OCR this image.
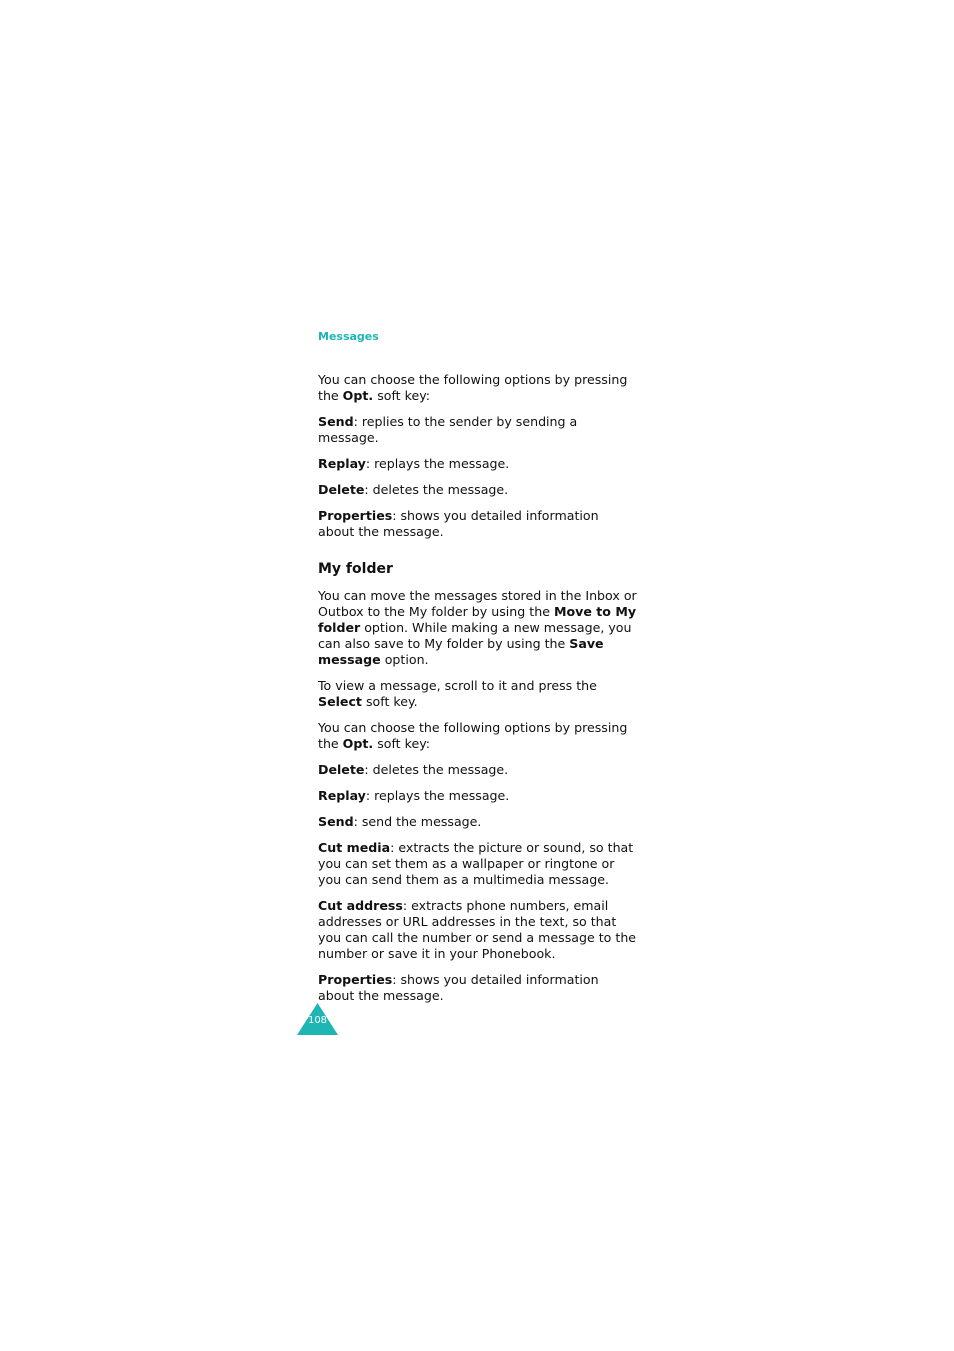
Messages

You can choose the following options by pressing the Opt. soft key:

Send: replies to the sender by sending a message.

Replay: replays the message.

Delete: deletes the message.

Properties: shows you detailed information about the message.

My folder

You can move the messages stored in the Inbox or Outbox to the My folder by using the Move to My folder option. While making a new message, you can also save to My folder by using the Save message option.

To view a message, scroll to it and press the Select soft key.

You can choose the following options by pressing the Opt. soft key:

Delete: deletes the message.

Replay: replays the message.

Send: send the message.

Cut media: extracts the picture or sound, so that you can set them as a wallpaper or ringtone or you can send them as a multimedia message.

Cut address: extracts phone numbers, email addresses or URL addresses in the text, so that you can call the number or send a message to the number or save it in your Phonebook.

Properties: shows you detailed information about the message.

108
